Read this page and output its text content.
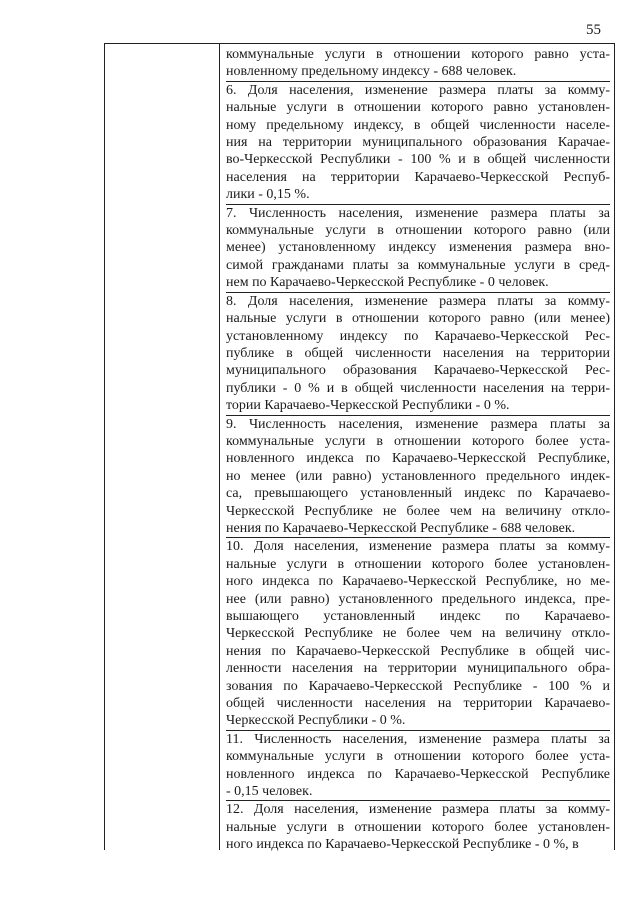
55
коммунальные услуги в отношении которого равно уста-
новленному предельному индексу - 688 человек.
6. Доля населения, изменение размера платы за комму-
нальные услуги в отношении которого равно установлен-
ному предельному индексу, в общей численности населе-
ния на территории муниципального образования Карачае-
во-Черкесской Республики - 100 % и в общей численности
населения на территории Карачаево-Черкесской Респуб-
лики - 0,15 %.
7. Численность населения, изменение размера платы за
коммунальные услуги в отношении которого равно (или
менее) установленному индексу изменения размера вно-
симой гражданами платы за коммунальные услуги в сред-
нем по Карачаево-Черкесской Республике - 0 человек.
8. Доля населения, изменение размера платы за комму-
нальные услуги в отношении которого равно (или менее)
установленному индексу по Карачаево-Черкесской Рес-
публике в общей численности населения на территории
муниципального образования Карачаево-Черкесской Рес-
публики - 0 % и в общей численности населения на терри-
тории Карачаево-Черкесской Республики - 0 %.
9. Численность населения, изменение размера платы за
коммунальные услуги в отношении которого более уста-
новленного индекса по Карачаево-Черкесской Республике,
но менее (или равно) установленного предельного индек-
са, превышающего установленный индекс по Карачаево-
Черкесской Республике не более чем на величину откло-
нения по Карачаево-Черкесской Республике - 688 человек.
10. Доля населения, изменение размера платы за комму-
нальные услуги в отношении которого более установлен-
ного индекса по Карачаево-Черкесской Республике, но ме-
нее (или равно) установленного предельного индекса, пре-
вышающего установленный индекс по Карачаево-
Черкесской Республике не более чем на величину откло-
нения по Карачаево-Черкесской Республике в общей чис-
ленности населения на территории муниципального обра-
зования по Карачаево-Черкесской Республике - 100 % и
общей численности населения на территории Карачаево-
Черкесской Республики - 0 %.
11. Численность населения, изменение размера платы за
коммунальные услуги в отношении которого более уста-
новленного индекса по Карачаево-Черкесской Республике
- 0,15 человек.
12. Доля населения, изменение размера платы за комму-
нальные услуги в отношении которого более установлен-
ного индекса по Карачаево-Черкесской Республике - 0 %, в
